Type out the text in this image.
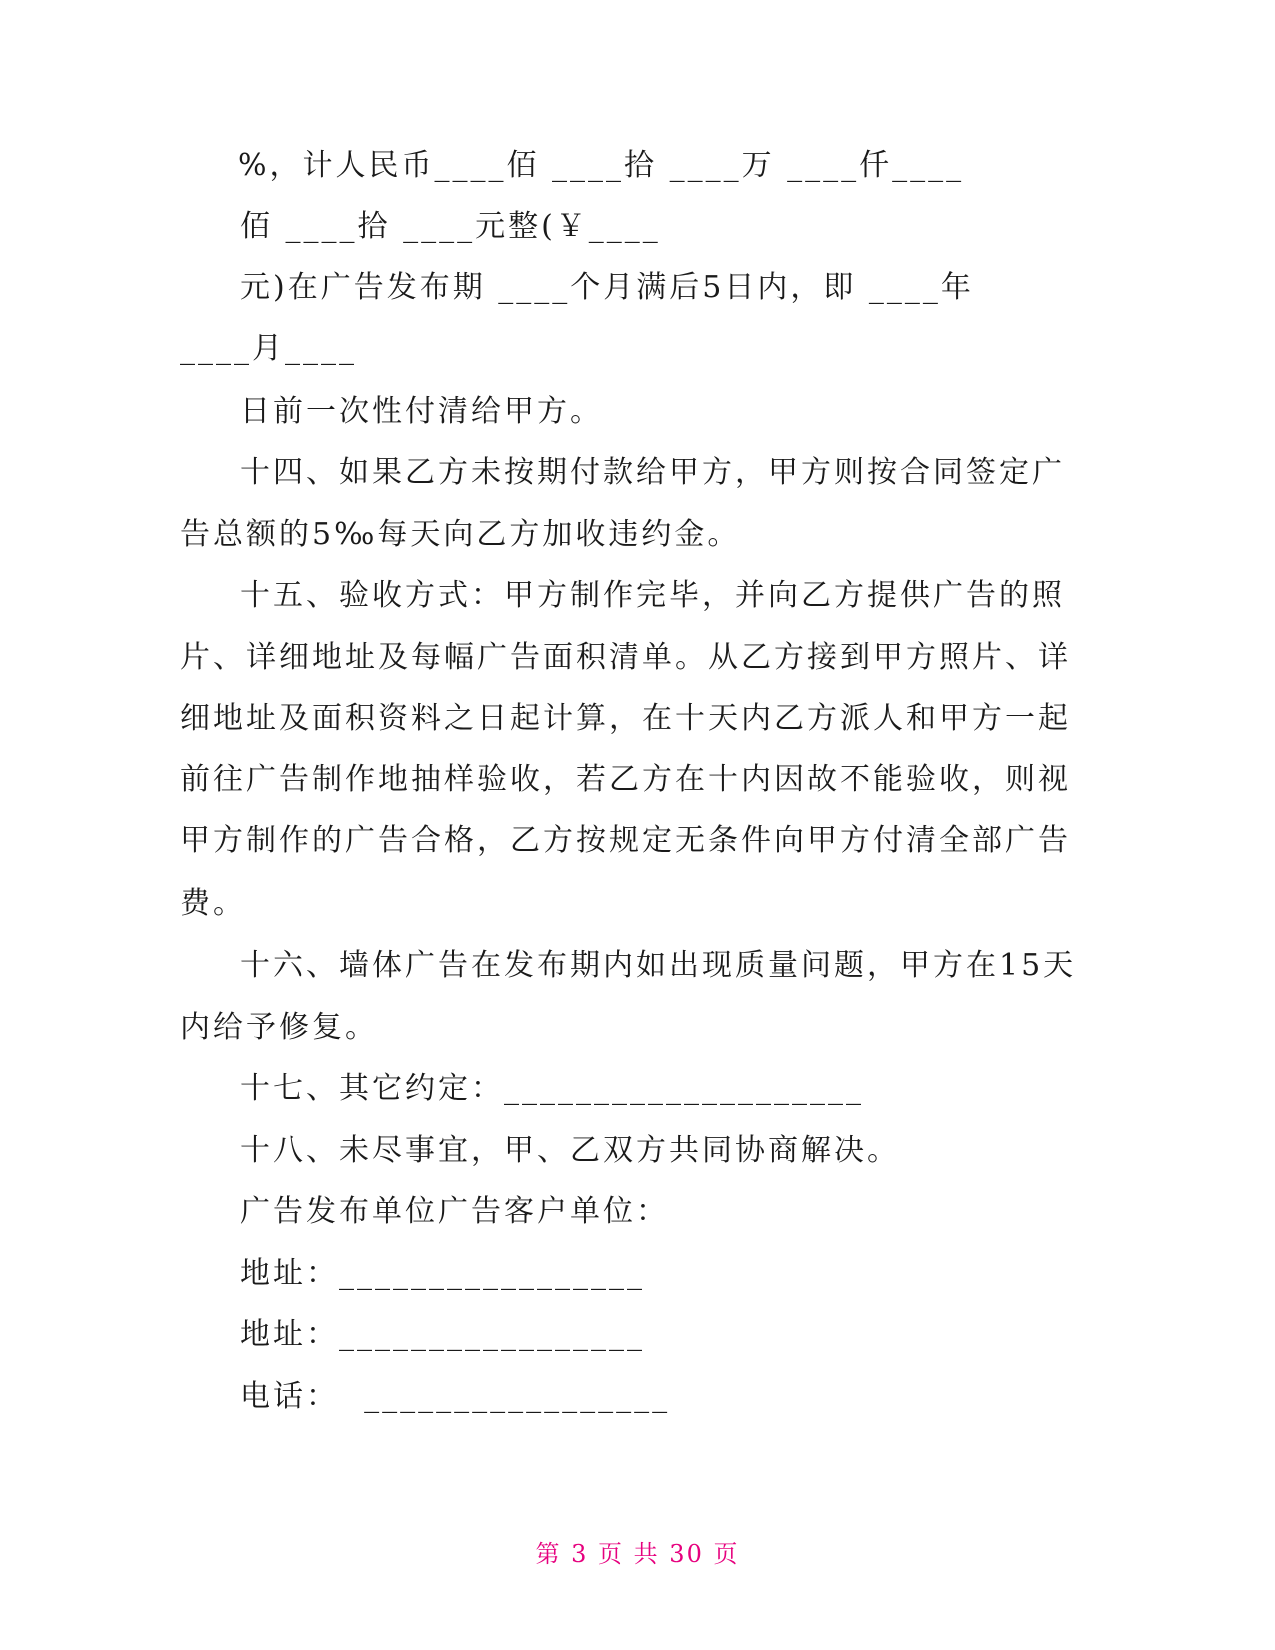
%，计人民币____佰 ____拾 ____万 ____仟____
佰 ____拾 ____元整(￥____
元)在广告发布期 ____个月满后5日内，即 ____年
____月____
日前一次性付清给甲方。
十四、如果乙方未按期付款给甲方，甲方则按合同签定广
告总额的5‰每天向乙方加收违约金。
十五、验收方式：甲方制作完毕，并向乙方提供广告的照
片、详细地址及每幅广告面积清单。从乙方接到甲方照片、详
细地址及面积资料之日起计算，在十天内乙方派人和甲方一起
前往广告制作地抽样验收，若乙方在十内因故不能验收，则视
甲方制作的广告合格，乙方按规定无条件向甲方付清全部广告
费。
十六、墙体广告在发布期内如出现质量问题，甲方在15天
内给予修复。
十七、其它约定：____________________
十八、未尽事宜，甲、乙双方共同协商解决。
广告发布单位广告客户单位：
地址：_________________
地址：_________________
电话：  _________________
第 3 页 共 30 页
